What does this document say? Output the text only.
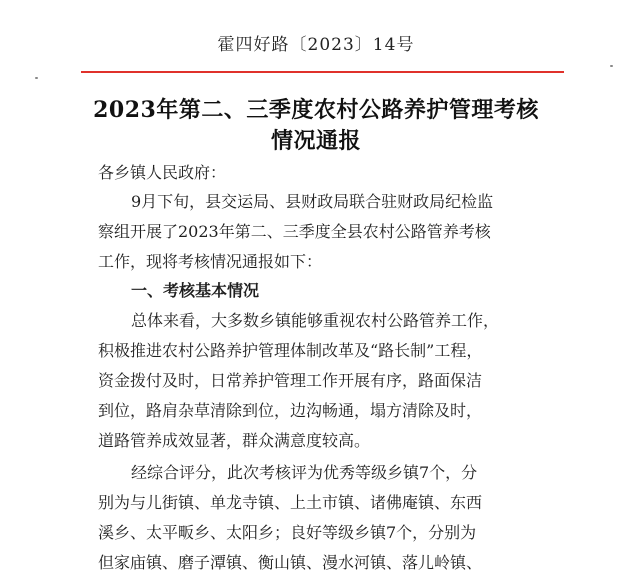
霍四好路〔2023〕14号
2023年第二、三季度农村公路养护管理考核
情况通报
各乡镇人民政府：
9月下旬，县交运局、县财政局联合驻财政局纪检监
察组开展了2023年第二、三季度全县农村公路管养考核
工作，现将考核情况通报如下：
一、考核基本情况
总体来看，大多数乡镇能够重视农村公路管养工作，
积极推进农村公路养护管理体制改革及“路长制”工程，
资金拨付及时，日常养护管理工作开展有序，路面保洁
到位，路肩杂草清除到位，边沟畅通，塌方清除及时，
道路管养成效显著，群众满意度较高。
经综合评分，此次考核评为优秀等级乡镇7个，分
别为与儿街镇、单龙寺镇、上土市镇、诸佛庵镇、东西
溪乡、太平畈乡、太阳乡；良好等级乡镇7个，分别为
但家庙镇、磨子潭镇、衡山镇、漫水河镇、落儿岭镇、
